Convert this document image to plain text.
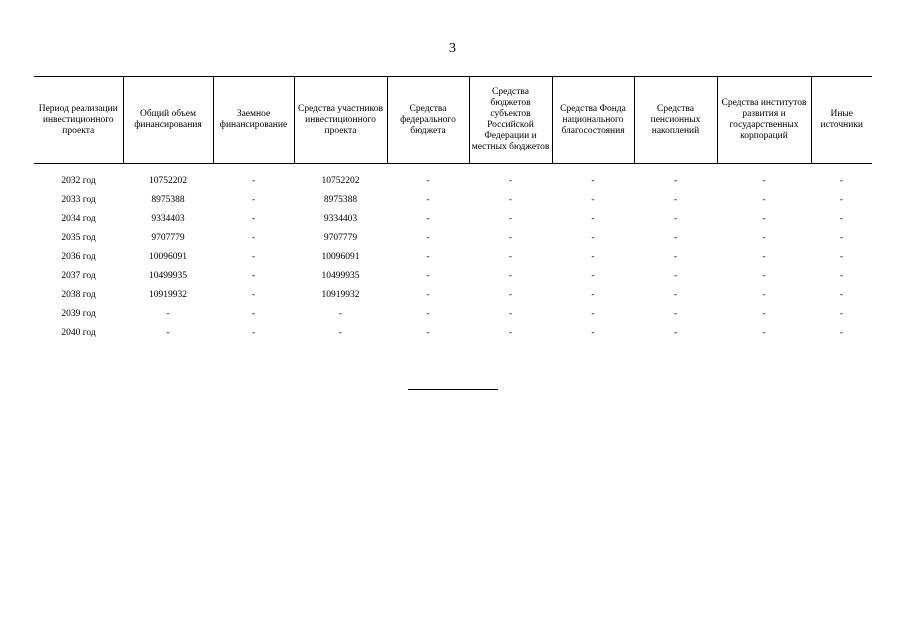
3
Период реализации инвестиционного проекта	Общий объем финансирования	Заемное финансирование	Средства участников инвестиционного проекта	Средства федерального бюджета	Средства бюджетов субъектов Российской Федерации и местных бюджетов	Средства Фонда национального благосостояния	Средства пенсионных накоплений	Средства институтов развития и государственных корпораций	Иные источники
2032 год	10752202	-	10752202	-	-	-	-	-	-
2033 год	8975388	-	8975388	-	-	-	-	-	-
2034 год	9334403	-	9334403	-	-	-	-	-	-
2035 год	9707779	-	9707779	-	-	-	-	-	-
2036 год	10096091	-	10096091	-	-	-	-	-	-
2037 год	10499935	-	10499935	-	-	-	-	-	-
2038 год	10919932	-	10919932	-	-	-	-	-	-
2039 год	-	-	-	-	-	-	-	-	-
2040 год	-	-	-	-	-	-	-	-	-
